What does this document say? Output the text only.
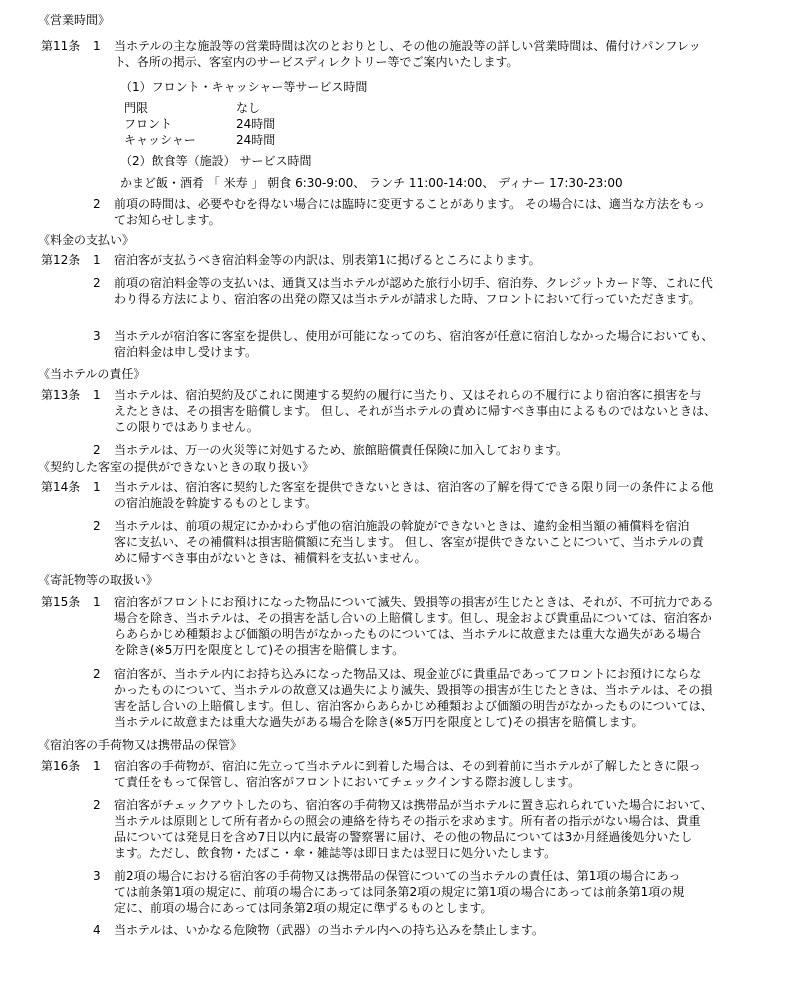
《営業時間》
第11条 1 当ホテルの主な施設等の営業時間は次のとおりとし、その他の施設等の詳しい営業時間は、備付けパンフレッ
ト、各所の掲示、客室内のサービスディレクトリー等でご案内いたします。
（1）フロント・キャッシャー等サービス時間
門限	なし
フロント	24時間
キャッシャー	24時間
（2）飲食等（施設） サービス時間
かまど飯・酒肴 「 米寿 」 朝食 6:30-9:00、 ランチ 11:00-14:00、 ディナー 17:30-23:00
2 前項の時間は、必要やむを得ない場合には臨時に変更することがあります。 その場合には、適当な方法をもっ
てお知らせします。
《料金の支払い》
第12条 1 宿泊客が支払うべき宿泊料金等の内訳は、別表第1に掲げるところによります。
2 前項の宿泊料金等の支払いは、通貨又は当ホテルが認めた旅行小切手、宿泊券、クレジットカード等、これに代
わり得る方法により、宿泊客の出発の際又は当ホテルが請求した時、フロントにおいて行っていただきます。
3 当ホテルが宿泊客に客室を提供し、使用が可能になってのち、宿泊客が任意に宿泊しなかった場合においても、
宿泊料金は申し受けます。
《当ホテルの責任》
第13条 1 当ホテルは、宿泊契約及びこれに関連する契約の履行に当たり、又はそれらの不履行により宿泊客に損害を与
えたときは、その損害を賠償します。 但し、それが当ホテルの責めに帰すべき事由によるものではないときは、
この限りではありません。
2 当ホテルは、万一の火災等に対処するため、旅館賠償責任保険に加入しております。
《契約した客室の提供ができないときの取り扱い》
第14条 1 当ホテルは、宿泊客に契約した客室を提供できないときは、宿泊客の了解を得てできる限り同一の条件による他
の宿泊施設を斡旋するものとします。
2 当ホテルは、前項の規定にかかわらず他の宿泊施設の斡旋ができないときは、違約金相当額の補償料を宿泊
客に支払い、その補償料は損害賠償額に充当します。 但し、客室が提供できないことについて、当ホテルの責
めに帰すべき事由がないときは、補償料を支払いません。
《寄託物等の取扱い》
第15条 1 宿泊客がフロントにお預けになった物品について滅失、毀損等の損害が生じたときは、それが、不可抗力である
場合を除き、当ホテルは、その損害を話し合いの上賠償します。但し、現金および貴重品については、宿泊客か
らあらかじめ種類および価額の明告がなかったものについては、当ホテルに故意または重大な過失がある場合
を除き(※5万円を限度として)その損害を賠償します。
2 宿泊客が、当ホテル内にお持ち込みになった物品又は、現金並びに貴重品であってフロントにお預けにならな
かったものについて、当ホテルの故意又は過失により滅失、毀損等の損害が生じたときは、当ホテルは、その損
害を話し合いの上賠償します。但し、宿泊客からあらかじめ種類および価額の明告がなかったものについては、
当ホテルに故意または重大な過失がある場合を除き(※5万円を限度として)その損害を賠償します。
《宿泊客の手荷物又は携帯品の保管》
第16条 1 宿泊客の手荷物が、宿泊に先立って当ホテルに到着した場合は、その到着前に当ホテルが了解したときに限っ
て責任をもって保管し、宿泊客がフロントにおいてチェックインする際お渡しします。
2 宿泊客がチェックアウトしたのち、宿泊客の手荷物又は携帯品が当ホテルに置き忘れられていた場合において、
当ホテルは原則として所有者からの照会の連絡を待ちその指示を求めます。所有者の指示がない場合は、貴重
品については発見日を含め7日以内に最寄の警察署に届け、その他の物品については3か月経過後処分いたし
ます。ただし、飲食物・たばこ・傘・雑誌等は即日または翌日に処分いたします。
3 前2項の場合における宿泊客の手荷物又は携帯品の保管についての当ホテルの責任は、第1項の場合にあっ
ては前条第1項の規定に、前項の場合にあっては同条第2項の規定に第1項の場合にあっては前条第1項の規
定に、前項の場合にあっては同条第2項の規定に準ずるものとします。
4 当ホテルは、いかなる危険物（武器）の当ホテル内への持ち込みを禁止します。
